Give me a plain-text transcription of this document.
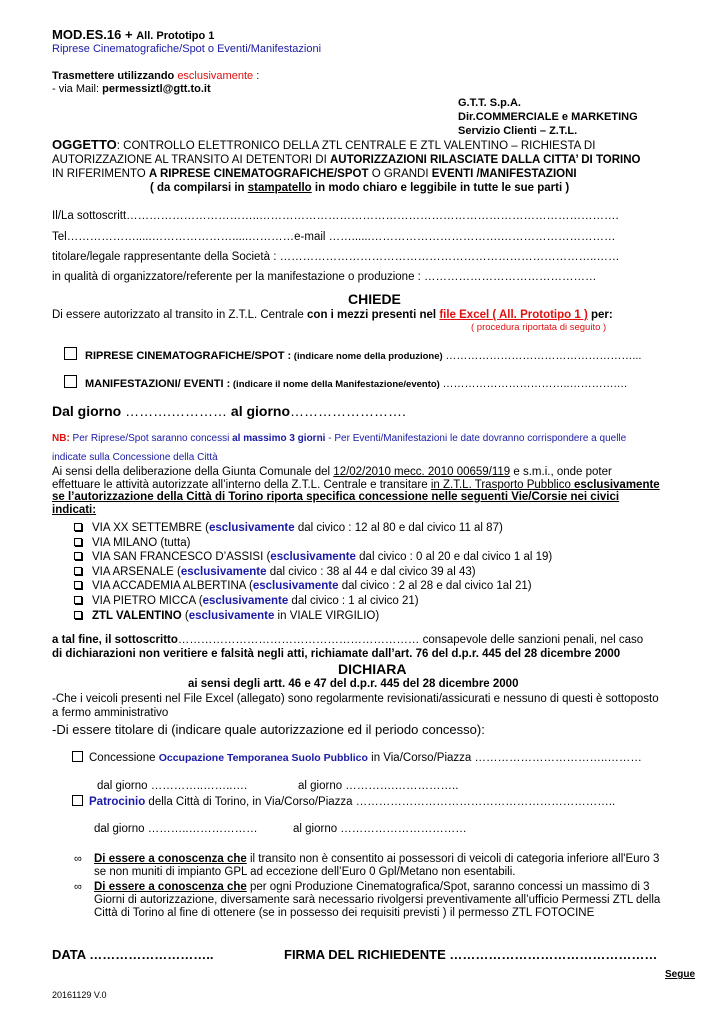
MOD.ES.16 + All. Prototipo 1
Riprese Cinematografiche/Spot o Eventi/Manifestazioni
Trasmettere utilizzando esclusivamente :
- via Mail: permessiztl@gtt.to.it
G.T.T. S.p.A.
Dir.COMMERCIALE e MARKETING
Servizio Clienti – Z.T.L.
OGGETTO: CONTROLLO ELETTRONICO DELLA ZTL CENTRALE E ZTL VALENTINO – RICHIESTA DI
AUTORIZZAZIONE AL TRANSITO AI DETENTORI DI AUTORIZZAZIONI RILASCIATE DALLA CITTA’ DI TORINO
IN RIFERIMENTO A RIPRESE CINEMATOGRAFICHE/SPOT O GRANDI EVENTI /MANIFESTAZIONI
( da compilarsi in stampatello in modo chiaro e leggibile in tutte le sue parti )
Il/La sottoscritt……………………………..………………………………………………………………………………….
Tel……………….....………………….....…………e-mail ……......…………………………….…………………………
titolare/legale rappresentante della Società : ………………………………………………………………………..……
in qualità di organizzatore/referente per la manifestazione o produzione : ………………………………………
CHIEDE
Di essere autorizzato al transito in Z.T.L. Centrale con i mezzi presenti nel file Excel ( All. Prototipo 1 ) per:
( procedura riportata di seguito )
RIPRESE CINEMATOGRAFICHE/SPOT : (indicare nome della produzione) ……………………………………………...
MANIFESTAZIONI/ EVENTI : (indicare il nome della Manifestazione/evento) ……………………………..………….…
Dal giorno ……….………… al giorno…………………….
NB: Per Riprese/Spot saranno concessi al massimo 3 giorni - Per Eventi/Manifestazioni le date dovranno corrispondere a quelle
indicate sulla Concessione della Città
Ai sensi della deliberazione della Giunta Comunale del 12/02/2010 mecc. 2010 00659/119 e s.m.i., onde poter
effettuare le attività autorizzate all’interno della Z.T.L. Centrale e transitare in Z.T.L. Trasporto Pubblico esclusivamente
se l’autorizzazione della Città di Torino riporta specifica concessione nelle seguenti Vie/Corsie nei civici
indicati:
VIA XX SETTEMBRE (esclusivamente dal civico : 12 al 80 e dal civico 11 al 87)
VIA MILANO (tutta)
VIA SAN FRANCESCO D’ASSISI (esclusivamente dal civico : 0 al 20 e dal civico 1 al 19)
VIA ARSENALE (esclusivamente dal civico : 38 al 44 e dal civico 39 al 43)
VIA ACCADEMIA ALBERTINA (esclusivamente dal civico : 2 al 28 e dal civico 1al 21)
VIA PIETRO MICCA (esclusivamente dal civico : 1 al civico 21)
ZTL VALENTINO (esclusivamente in VIALE VIRGILIO)
a tal fine, il sottoscritto……………………………………………………… consapevole delle sanzioni penali, nel caso
di dichiarazioni non veritiere e falsità negli atti, richiamate dall’art. 76 del d.p.r. 445 del 28 dicembre 2000
DICHIARA
ai sensi degli artt. 46 e 47 del d.p.r. 445 del 28 dicembre 2000
-Che i veicoli presenti nel File Excel (allegato) sono regolarmente revisionati/assicurati e nessuno di questi è sottoposto
a fermo amministrativo
-Di essere titolare di (indicare quale autorizzazione ed il periodo concesso):
Concessione Occupazione Temporanea Suolo Pubblico in Via/Corso/Piazza ……………………………..………
dal giorno …………..……..….	al giorno ………….……………..
Patrocinio della Città di Torino, in Via/Corso/Piazza …………………………………………………………..
dal giorno ………..………………	al giorno ……………………………
∞ Di essere a conoscenza che il transito non è consentito ai possessori di veicoli di categoria inferiore all'Euro 3
se non muniti di impianto GPL ad eccezione dell’Euro 0 Gpl/Metano non esentabili.
∞ Di essere a conoscenza che per ogni Produzione Cinematografica/Spot, saranno concessi un massimo di 3
Giorni di autorizzazione, diversamente sarà necessario rivolgersi preventivamente all’ufficio Permessi ZTL della
Città di Torino al fine di ottenere (se in possesso dei requisiti previsti ) il permesso ZTL FOTOCINE
DATA ………………………..	FIRMA DEL RICHIEDENTE …………………………………………
Segue
20161129 V.0
